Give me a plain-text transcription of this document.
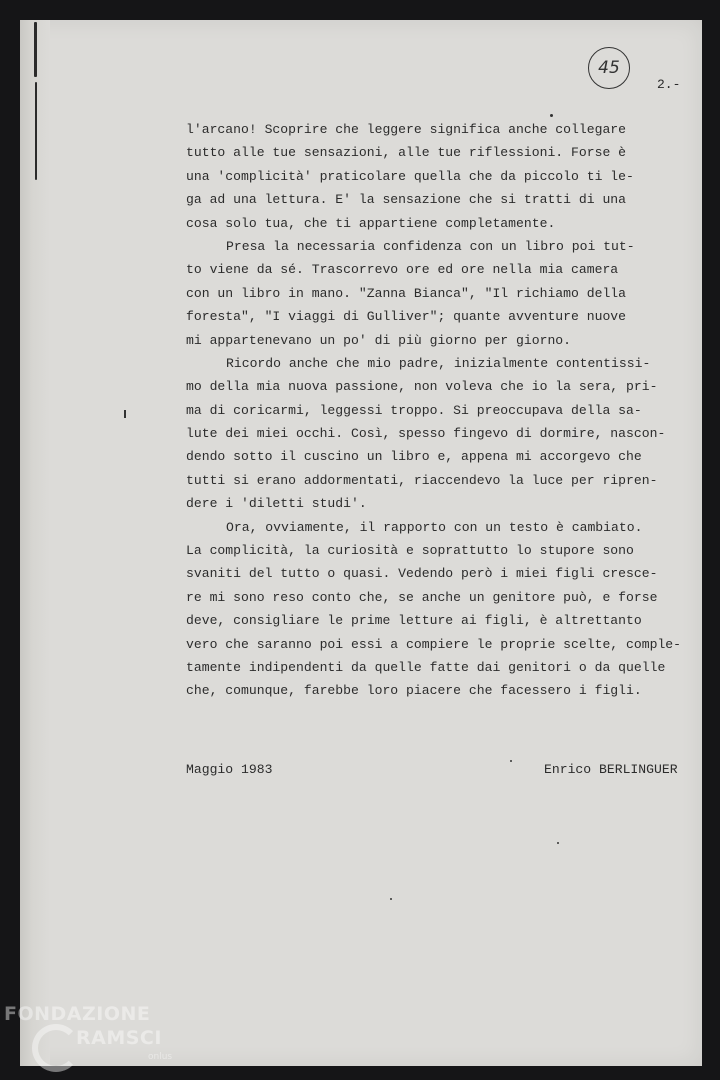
45
2.-
l'arcano! Scoprire che leggere significa anche collegare
tutto alle tue sensazioni, alle tue riflessioni. Forse è
una 'complicità' praticolare quella che da piccolo ti le-
ga ad una lettura. E' la sensazione che si tratti di una
cosa solo tua, che ti appartiene completamente.
Presa la necessaria confidenza con un libro poi tut-
to viene da sé. Trascorrevo ore ed ore nella mia camera
con un libro in mano. "Zanna Bianca", "Il richiamo della
foresta", "I viaggi di Gulliver"; quante avventure nuove
mi appartenevano un po' di più giorno per giorno.
Ricordo anche che mio padre, inizialmente contentissi-
mo della mia nuova passione, non voleva che io la sera, pri-
ma di coricarmi, leggessi troppo. Si preoccupava della sa-
lute dei miei occhi. Così, spesso fingevo di dormire, nascon-
dendo sotto il cuscino un libro e, appena mi accorgevo che
tutti si erano addormentati, riaccendevo la luce per ripren-
dere i 'diletti studi'.
Ora, ovviamente, il rapporto con un testo è cambiato.
La complicità, la curiosità e soprattutto lo stupore sono
svaniti del tutto o quasi. Vedendo però i miei figli cresce-
re mi sono reso conto che, se anche un genitore può, e forse
deve, consigliare le prime letture ai figli, è altrettanto
vero che saranno poi essi a compiere le proprie scelte, comple-
tamente indipendenti da quelle fatte dai genitori o da quelle
che, comunque, farebbe loro piacere che facessero i figli.
Maggio 1983	Enrico BERLINGUER
FONDAZIONE
RAMSCI
onlus
